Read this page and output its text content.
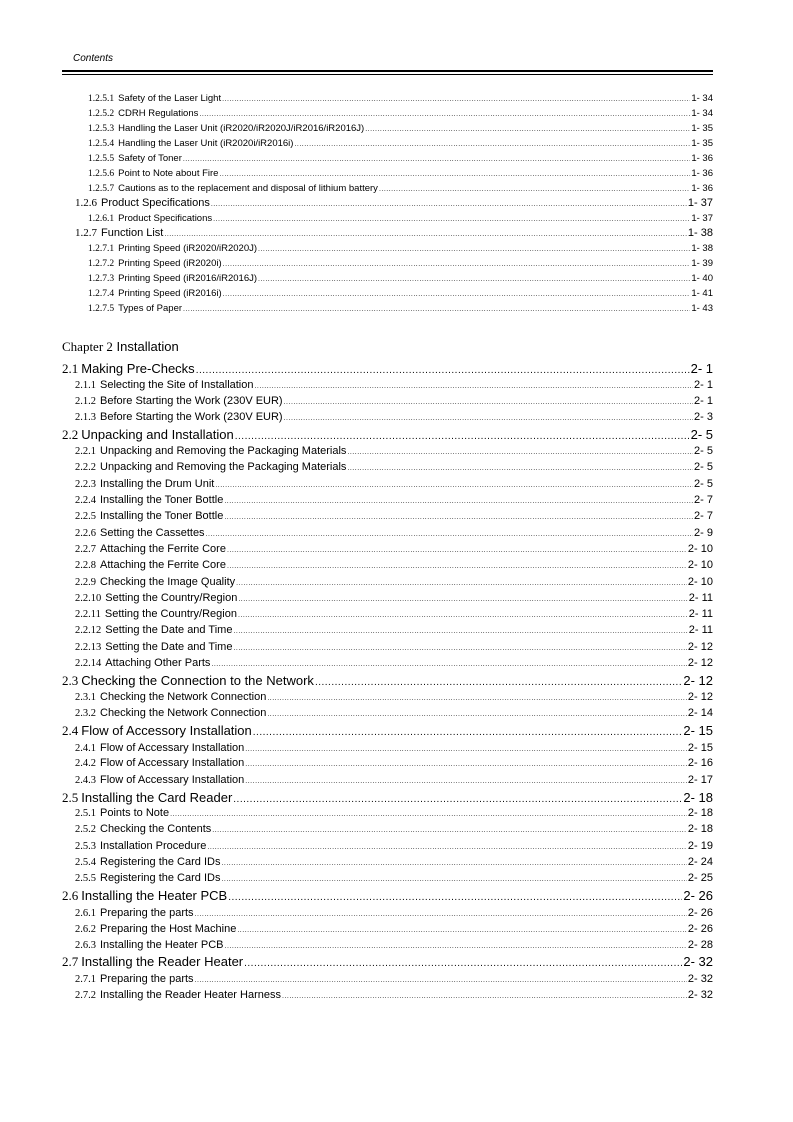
Contents
1.2.5.1 Safety of the Laser Light .....	1- 34
1.2.5.2 CDRH Regulations .....	1- 34
1.2.5.3 Handling the Laser Unit (iR2020/iR2020J/iR2016/iR2016J) .....	1- 35
1.2.5.4 Handling the Laser Unit (iR2020i/iR2016i) .....	1- 35
1.2.5.5 Safety of Toner .....	1- 36
1.2.5.6 Point to Note about Fire .....	1- 36
1.2.5.7 Cautions as to the replacement and disposal of lithium battery .....	1- 36
1.2.6 Product Specifications .....	1- 37
1.2.6.1 Product Specifications .....	1- 37
1.2.7 Function List .....	1- 38
1.2.7.1 Printing Speed (iR2020/iR2020J) .....	1- 38
1.2.7.2 Printing Speed (iR2020i) .....	1- 39
1.2.7.3 Printing Speed (iR2016/iR2016J) .....	1- 40
1.2.7.4 Printing Speed (iR2016i) .....	1- 41
1.2.7.5 Types of Paper .....	1- 43
Chapter 2 Installation
2.1 Making Pre-Checks .....	2- 1
2.1.1 Selecting the Site of Installation .....	2- 1
2.1.2 Before Starting the Work (230V EUR) .....	2- 1
2.1.3 Before Starting the Work (230V EUR) .....	2- 3
2.2 Unpacking and Installation .....	2- 5
2.2.1 Unpacking and Removing the Packaging Materials .....	2- 5
2.2.2 Unpacking and Removing the Packaging Materials .....	2- 5
2.2.3 Installing the Drum Unit .....	2- 5
2.2.4 Installing the Toner Bottle .....	2- 7
2.2.5 Installing the Toner Bottle .....	2- 7
2.2.6 Setting the Cassettes .....	2- 9
2.2.7 Attaching the Ferrite Core .....	2- 10
2.2.8 Attaching the Ferrite Core .....	2- 10
2.2.9 Checking the Image Quality .....	2- 10
2.2.10 Setting the Country/Region .....	2- 11
2.2.11 Setting the Country/Region .....	2- 11
2.2.12 Setting the Date and Time .....	2- 11
2.2.13 Setting the Date and Time .....	2- 12
2.2.14 Attaching Other Parts .....	2- 12
2.3 Checking the Connection to the Network .....	2- 12
2.3.1 Checking the Network Connection .....	2- 12
2.3.2 Checking the Network Connection .....	2- 14
2.4 Flow of Accessory Installation .....	2- 15
2.4.1 Flow of Accessary Installation .....	2- 15
2.4.2 Flow of Accessary Installation .....	2- 16
2.4.3 Flow of Accessary Installation .....	2- 17
2.5 Installing the Card Reader .....	2- 18
2.5.1 Points to Note .....	2- 18
2.5.2 Checking the Contents .....	2- 18
2.5.3 Installation Procedure .....	2- 19
2.5.4 Registering the Card IDs .....	2- 24
2.5.5 Registering the Card IDs .....	2- 25
2.6 Installing the Heater PCB .....	2- 26
2.6.1 Preparing the parts .....	2- 26
2.6.2 Preparing the Host Machine .....	2- 26
2.6.3 Installing the Heater PCB .....	2- 28
2.7 Installing the Reader Heater .....	2- 32
2.7.1 Preparing the parts .....	2- 32
2.7.2 Installing the Reader Heater Harness .....	2- 32
